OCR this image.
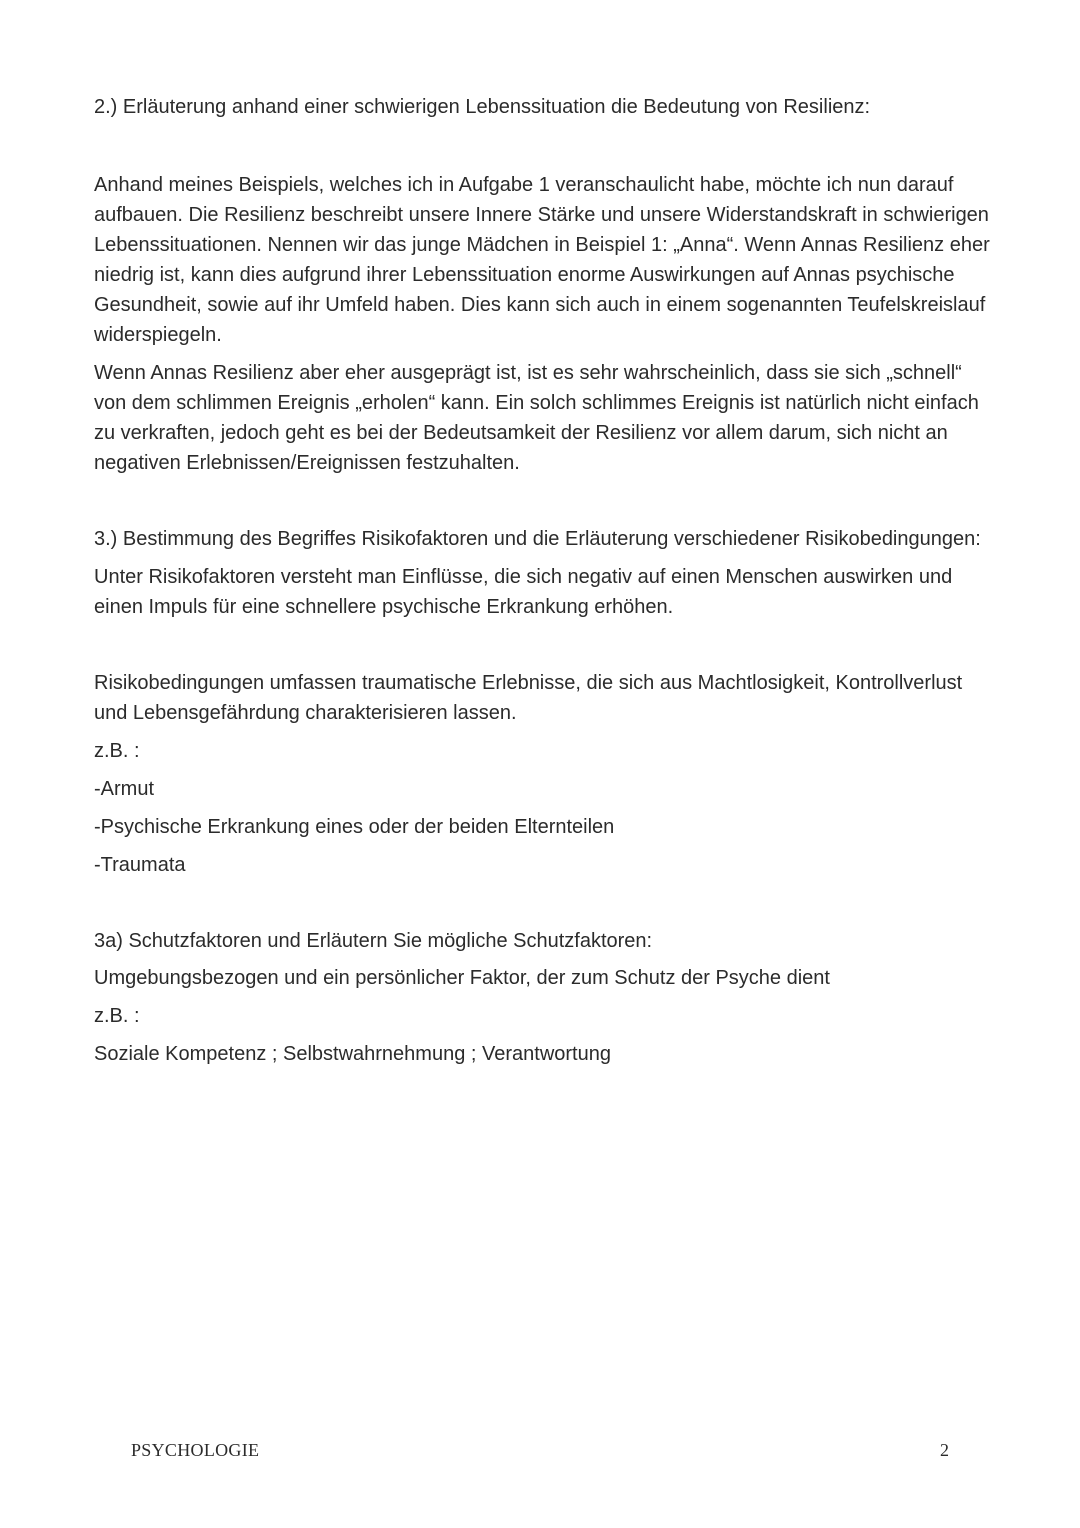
2.) Erläuterung anhand einer schwierigen Lebenssituation die Bedeutung von Resilienz:

Anhand meines Beispiels, welches ich in Aufgabe 1 veranschaulicht habe, möchte ich nun darauf aufbauen. Die Resilienz beschreibt unsere Innere Stärke und unsere Widerstandskraft in schwierigen Lebenssituationen. Nennen wir das junge Mädchen in Beispiel 1: „Anna“. Wenn Annas Resilienz eher niedrig ist, kann dies aufgrund ihrer Lebenssituation enorme Auswirkungen auf Annas psychische Gesundheit, sowie auf ihr Umfeld haben. Dies kann sich auch in einem sogenannten Teufelskreislauf widerspiegeln.

Wenn Annas Resilienz aber eher ausgeprägt ist, ist es sehr wahrscheinlich, dass sie sich „schnell“ von dem schlimmen Ereignis „erholen“ kann. Ein solch schlimmes Ereignis ist natürlich nicht einfach zu verkraften, jedoch geht es bei der Bedeutsamkeit der Resilienz vor allem darum, sich nicht an negativen Erlebnissen/Ereignissen festzuhalten.

3.) Bestimmung des Begriffes Risikofaktoren und die Erläuterung verschiedener Risikobedingungen:

Unter Risikofaktoren versteht man Einflüsse, die sich negativ auf einen Menschen auswirken und einen Impuls für eine schnellere psychische Erkrankung erhöhen.

Risikobedingungen umfassen traumatische Erlebnisse, die sich aus Machtlosigkeit, Kontrollverlust und Lebensgefährdung charakterisieren lassen.

z.B. :

-Armut

-Psychische Erkrankung eines oder der beiden Elternteilen

-Traumata

3a) Schutzfaktoren und Erläutern Sie mögliche Schutzfaktoren:

Umgebungsbezogen und ein persönlicher Faktor, der zum Schutz der Psyche dient

z.B. :

Soziale Kompetenz ; Selbstwahrnehmung ; Verantwortung

PSYCHOLOGIE	2
